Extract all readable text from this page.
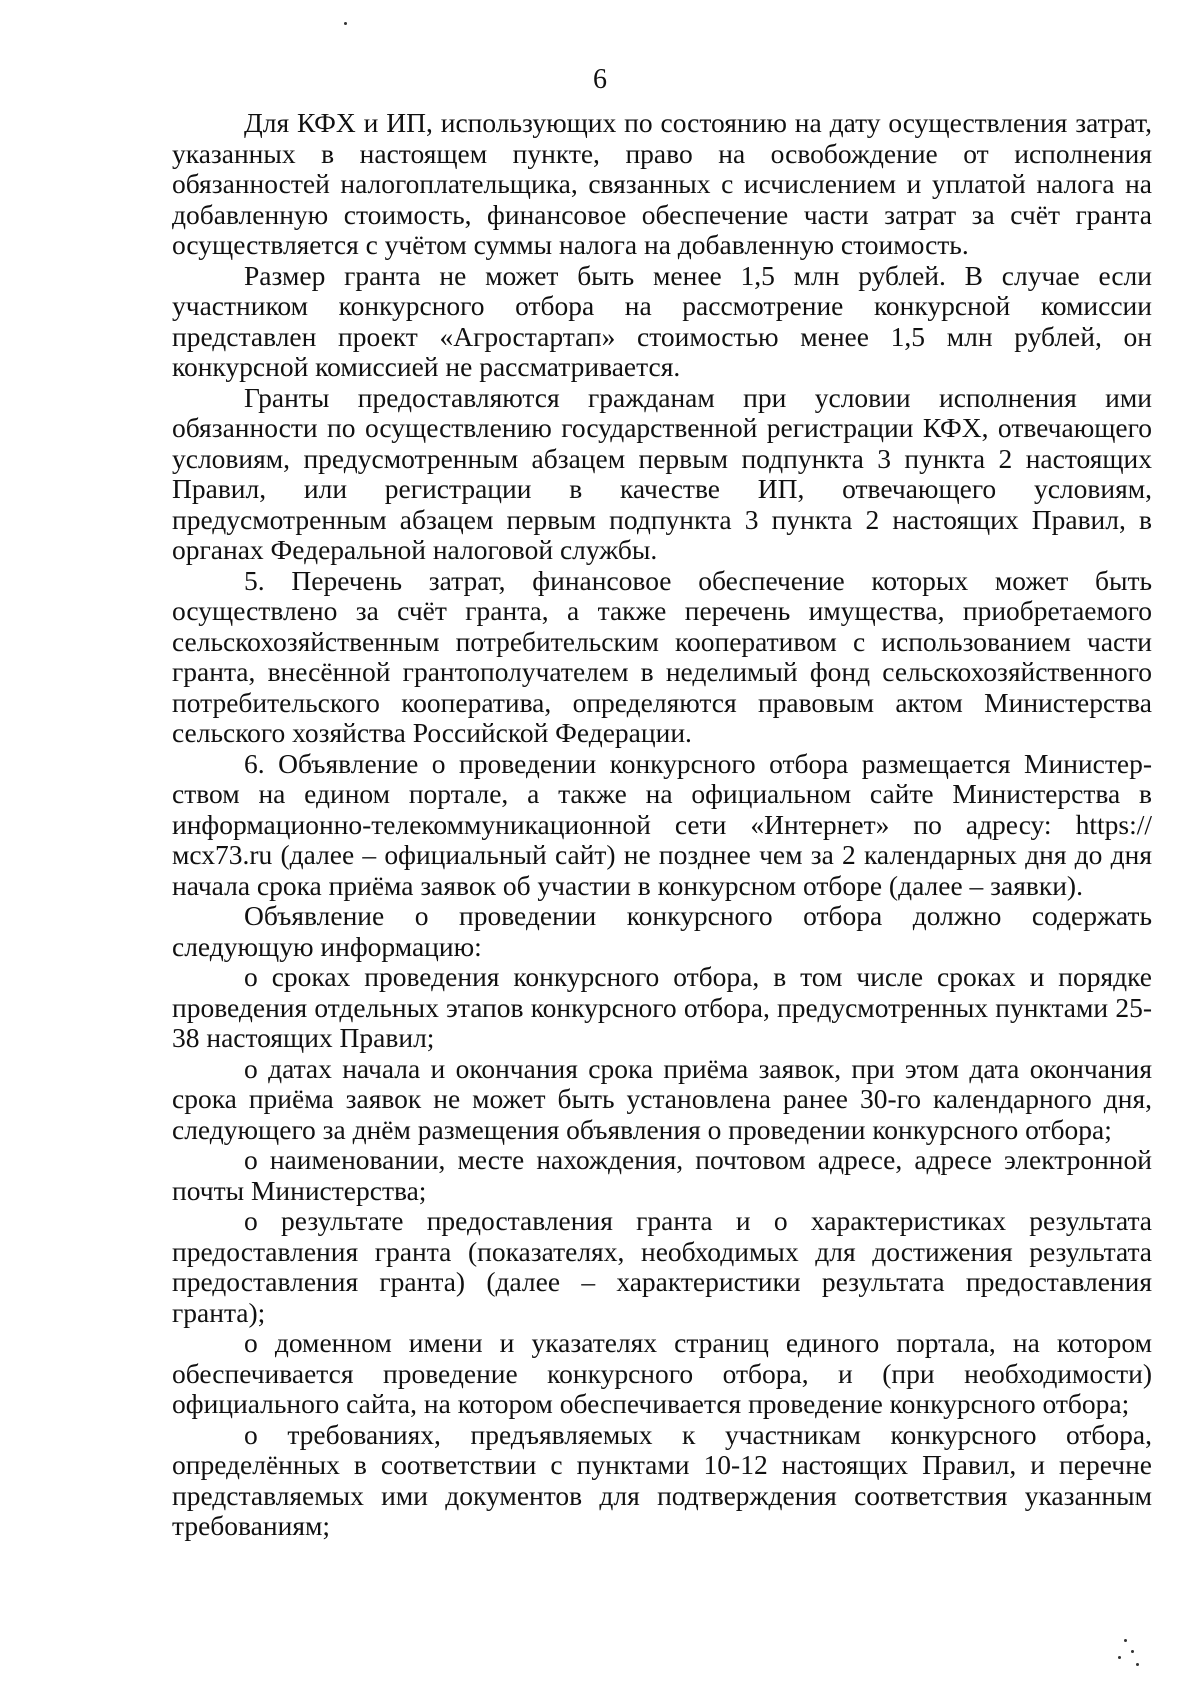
6

Для КФХ и ИП, использующих по состоянию на дату осуществления затрат, указанных в настоящем пункте, право на освобождение от исполнения обязанностей налогоплательщика, связанных с исчислением и уплатой налога на добавленную стоимость, финансовое обеспечение части затрат за счёт гранта осуществляется с учётом суммы налога на добавленную стоимость.

Размер гранта не может быть менее 1,5 млн рублей. В случае если участником конкурсного отбора на рассмотрение конкурсной комиссии представлен проект «Агростартап» стоимостью менее 1,5 млн рублей, он конкурсной комиссией не рассматривается.

Гранты предоставляются гражданам при условии исполнения ими обязанности по осуществлению государственной регистрации КФХ, отвечающего условиям, предусмотренным абзацем первым подпункта 3 пункта 2 настоящих Правил, или регистрации в качестве ИП, отвечающего условиям, предусмотренным абзацем первым подпункта 3 пункта 2 настоящих Правил, в органах Федеральной налоговой службы.

5. Перечень затрат, финансовое обеспечение которых может быть осуществлено за счёт гранта, а также перечень имущества, приобретаемого сельскохозяйственным потребительским кооперативом с использованием части гранта, внесённой грантополучателем в неделимый фонд сельскохозяйственного потребительского кооператива, определяются правовым актом Министерства сельского хозяйства Российской Федерации.

6. Объявление о проведении конкурсного отбора размещается Министерством на едином портале, а также на официальном сайте Министерства в информационно-телекоммуникационной сети «Интернет» по адресу: https://мсх73.ru (далее – официальный сайт) не позднее чем за 2 календарных дня до дня начала срока приёма заявок об участии в конкурсном отборе (далее – заявки).

Объявление о проведении конкурсного отбора должно содержать следующую информацию:

о сроках проведения конкурсного отбора, в том числе сроках и порядке проведения отдельных этапов конкурсного отбора, предусмотренных пунктами 25-38 настоящих Правил;

о датах начала и окончания срока приёма заявок, при этом дата окончания срока приёма заявок не может быть установлена ранее 30-го календарного дня, следующего за днём размещения объявления о проведении конкурсного отбора;

о наименовании, месте нахождения, почтовом адресе, адресе электронной почты Министерства;

о результате предоставления гранта и о характеристиках результата предоставления гранта (показателях, необходимых для достижения результата предоставления гранта) (далее – характеристики результата предоставления гранта);

о доменном имени и указателях страниц единого портала, на котором обеспечивается проведение конкурсного отбора, и (при необходимости) официального сайта, на котором обеспечивается проведение конкурсного отбора;

о требованиях, предъявляемых к участникам конкурсного отбора, определённых в соответствии с пунктами 10-12 настоящих Правил, и перечне представляемых ими документов для подтверждения соответствия указанным требованиям;
